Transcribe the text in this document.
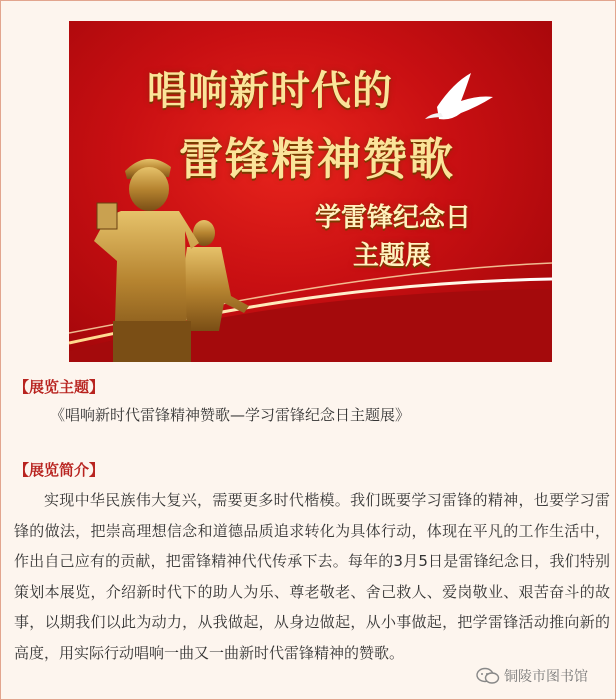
唱响新时代的
雷锋精神赞歌
学雷锋纪念日
主题展
【展览主题】
《唱响新时代雷锋精神赞歌—学习雷锋纪念日主题展》
【展览简介】

实现中华民族伟大复兴，需要更多时代楷模。我们既要学习雷锋的精神，也要学习雷锋的做法，把崇高理想信念和道德品质追求转化为具体行动，体现在平凡的工作生活中，作出自己应有的贡献，把雷锋精神代代传承下去。每年的3月5日是雷锋纪念日，我们特别策划本展览，介绍新时代下的助人为乐、尊老敬老、舍己救人、爱岗敬业、艰苦奋斗的故事，以期我们以此为动力，从我做起，从身边做起，从小事做起，把学雷锋活动推向新的高度，用实际行动唱响一曲又一曲新时代雷锋精神的赞歌。

铜陵市图书馆
